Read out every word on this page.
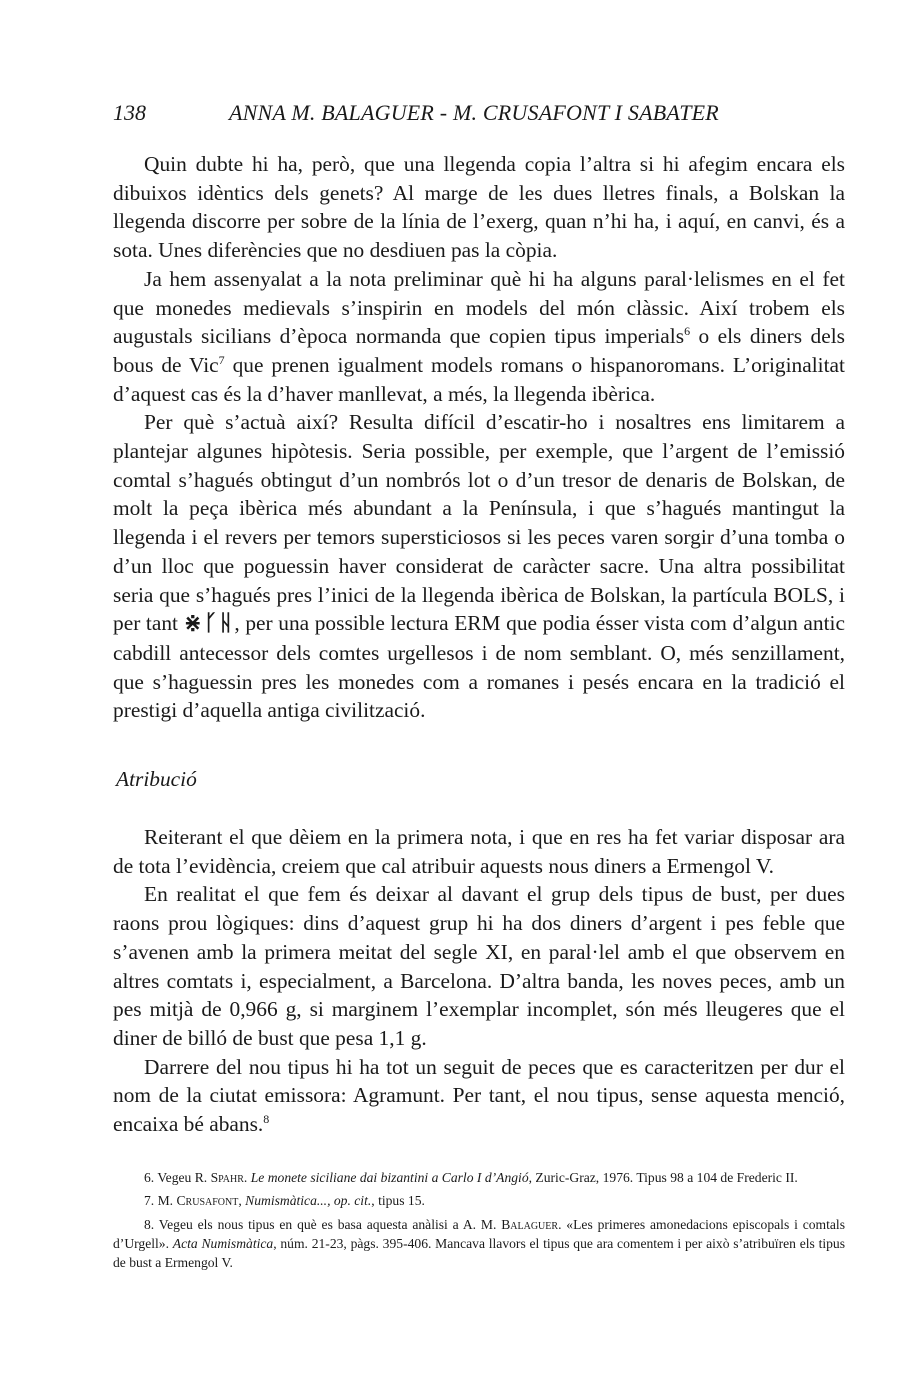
138	ANNA M. BALAGUER - M. CRUSAFONT I SABATER

Quin dubte hi ha, però, que una llegenda copia l’altra si hi afegim encara els dibuixos idèntics dels genets? Al marge de les dues lletres finals, a Bolskan la llegenda discorre per sobre de la línia de l’exerg, quan n’hi ha, i aquí, en canvi, és a sota. Unes diferències que no desdiuen pas la còpia.

Ja hem assenyalat a la nota preliminar què hi ha alguns paral·lelismes en el fet que monedes medievals s’inspirin en models del món clàssic. Així trobem els augustals sicilians d’època normanda que copien tipus imperials$^6$ o els diners dels bous de Vic$^7$ que prenen igualment models romans o hispanoromans. L’originalitat d’aquest cas és la d’haver manllevat, a més, la llegenda ibèrica.

Per què s’actuà així? Resulta difícil d’escatir-ho i nosaltres ens limitarem a plantejar algunes hipòtesis. Seria possible, per exemple, que l’argent de l’emissió comtal s’hagués obtingut d’un nombrós lot o d’un tresor de denaris de Bolskan, de molt la peça ibèrica més abundant a la Península, i que s’hagués mantingut la llegenda i el revers per temors supersticiosos si les peces varen sorgir d’una tomba o d’un lloc que poguessin haver considerat de caràcter sacre. Una altra possibilitat seria que s’hagués pres l’inici de la llegenda ibèrica de Bolskan, la partícula BOLS, i per tant ⋇ᚴᚺ, per una possible lectura ERM que podia ésser vista com d’algun antic cabdill antecessor dels comtes urgellesos i de nom semblant. O, més senzillament, que s’haguessin pres les monedes com a romanes i pesés encara en la tradició el prestigi d’aquella antiga civilització.

Atribució

Reiterant el que dèiem en la primera nota, i que en res ha fet variar disposar ara de tota l’evidència, creiem que cal atribuir aquests nous diners a Ermengol V.

En realitat el que fem és deixar al davant el grup dels tipus de bust, per dues raons prou lògiques: dins d’aquest grup hi ha dos diners d’argent i pes feble que s’avenen amb la primera meitat del segle XI, en paral·lel amb el que observem en altres comtats i, especialment, a Barcelona. D’altra banda, les noves peces, amb un pes mitjà de 0,966 g, si marginem l’exemplar incomplet, són més lleugeres que el diner de billó de bust que pesa 1,1 g.

Darrere del nou tipus hi ha tot un seguit de peces que es caracteritzen per dur el nom de la ciutat emissora: Agramunt. Per tant, el nou tipus, sense aquesta menció, encaixa bé abans.$^8$

6. Vegeu R. Spahr. Le monete siciliane dai bizantini a Carlo I d’Angió, Zuric-Graz, 1976. Tipus 98 a 104 de Frederic II.

7. M. Crusafont, Numismàtica..., op. cit., tipus 15.

8. Vegeu els nous tipus en què es basa aquesta anàlisi a A. M. Balaguer. «Les primeres amonedacions episcopals i comtals d’Urgell». Acta Numismàtica, núm. 21-23, pàgs. 395-406. Mancava llavors el tipus que ara comentem i per això s’atribuïren els tipus de bust a Ermengol V.
